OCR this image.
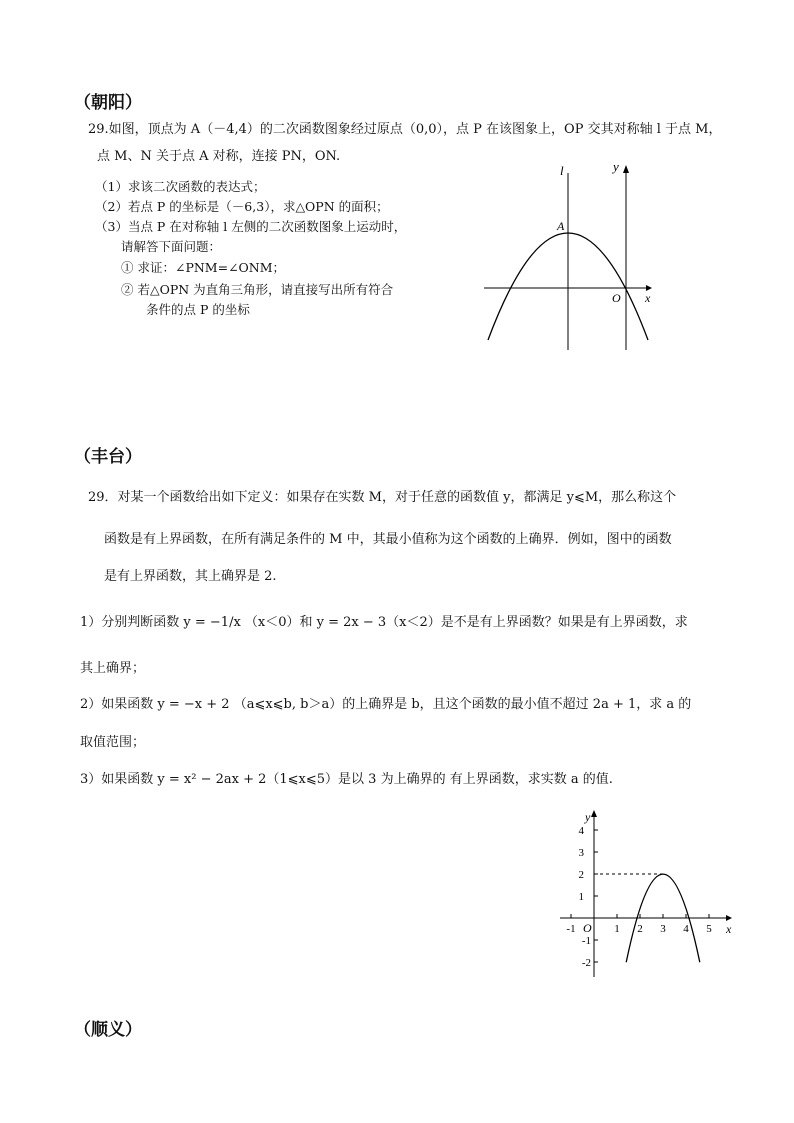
（朝阳）
29.如图，顶点为 A（－4,4）的二次函数图象经过原点（0,0），点 P 在该图象上，OP 交其对称轴 l 于点 M，
点 M、N 关于点 A 对称，连接 PN，ON.
（1）求该二次函数的表达式；
（2）若点 P 的坐标是（－6,3），求△OPN 的面积；
（3）当点 P 在对称轴 l 左侧的二次函数图象上运动时，
请解答下面问题：
① 求证：∠PNM=∠ONM；
② 若△OPN 为直角三角形，请直接写出所有符合
条件的点 P 的坐标
l	y
A
O x
（丰台）
29．对某一个函数给出如下定义：如果存在实数 M，对于任意的函数值 y，都满足 y⩽M，那么称这个
函数是有上界函数，在所有满足条件的 M 中，其最小值称为这个函数的上确界．例如，图中的函数
是有上界函数，其上确界是 2.
1）分别判断函数 y = −1/x （x＜0）和 y = 2x − 3（x＜2）是不是有上界函数？如果是有上界函数，求
其上确界；
2）如果函数 y = −x + 2 （a⩽x⩽b, b＞a）的上确界是 b，且这个函数的最小值不超过 2a + 1，求 a 的
取值范围；
3）如果函数 y = x² − 2ax + 2（1⩽x⩽5）是以 3 为上确界的 有上界函数，求实数 a 的值.
y
x
O
4
3
2
1
-1
-2
-1	1 2 3 4 5
（顺义）
